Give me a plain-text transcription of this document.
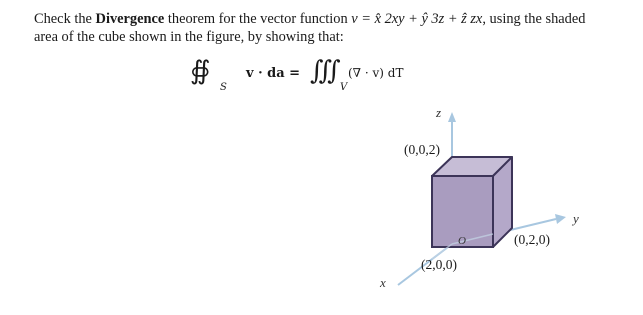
Check the Divergence theorem for the vector function v = x̂ 2xy + ŷ 3z + ẑ zx, using the shaded area of the cube shown in the figure, by showing that:
∯
S
v · da = ∭
V
(∇ · v) dT
z
y
x
O
(0,0,2)
(0,2,0)
(2,0,0)
